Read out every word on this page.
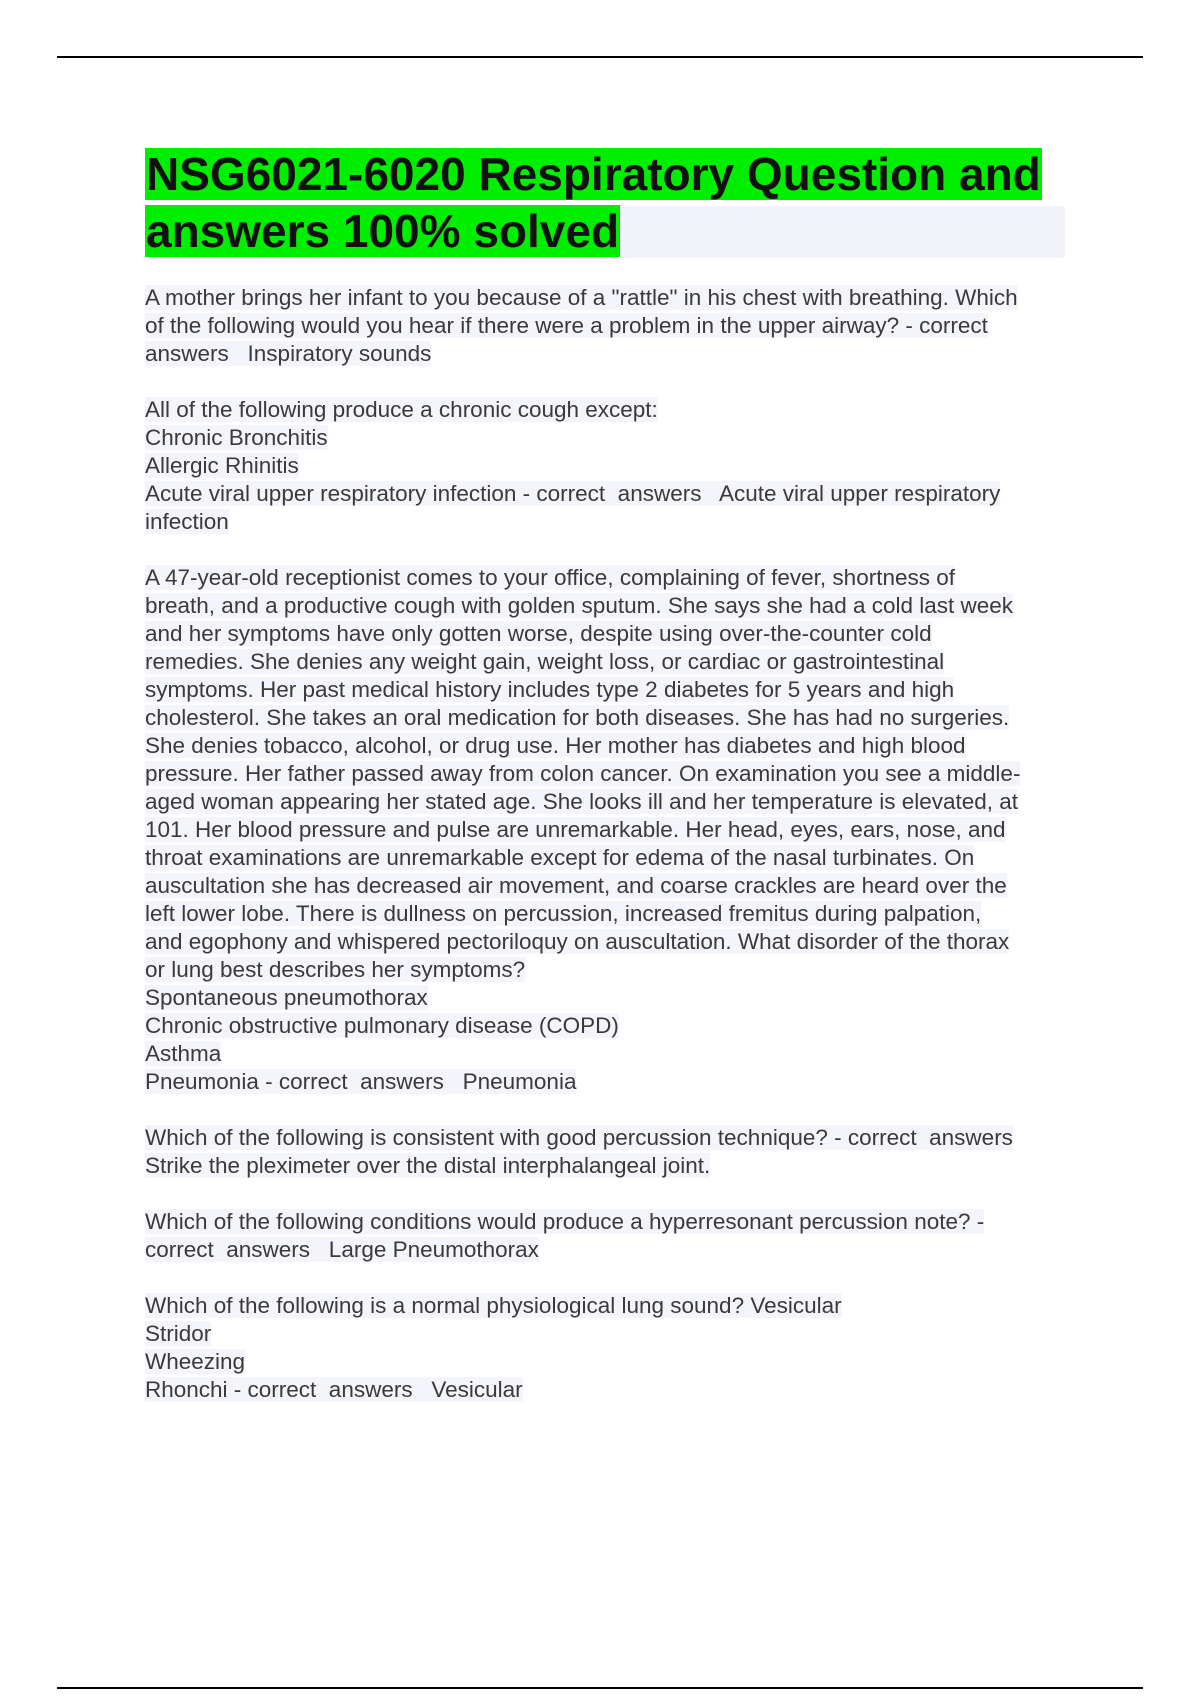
NSG6021-6020 Respiratory Question and
answers 100% solved
A mother brings her infant to you because of a "rattle" in his chest with breathing. Which
of the following would you hear if there were a problem in the upper airway? - correct
answers   Inspiratory sounds
All of the following produce a chronic cough except:
Chronic Bronchitis
Allergic Rhinitis
Acute viral upper respiratory infection - correct  answers   Acute viral upper respiratory
infection
A 47-year-old receptionist comes to your office, complaining of fever, shortness of
breath, and a productive cough with golden sputum. She says she had a cold last week
and her symptoms have only gotten worse, despite using over-the-counter cold
remedies. She denies any weight gain, weight loss, or cardiac or gastrointestinal
symptoms. Her past medical history includes type 2 diabetes for 5 years and high
cholesterol. She takes an oral medication for both diseases. She has had no surgeries.
She denies tobacco, alcohol, or drug use. Her mother has diabetes and high blood
pressure. Her father passed away from colon cancer. On examination you see a middle-
aged woman appearing her stated age. She looks ill and her temperature is elevated, at
101. Her blood pressure and pulse are unremarkable. Her head, eyes, ears, nose, and
throat examinations are unremarkable except for edema of the nasal turbinates. On
auscultation she has decreased air movement, and coarse crackles are heard over the
left lower lobe. There is dullness on percussion, increased fremitus during palpation,
and egophony and whispered pectoriloquy on auscultation. What disorder of the thorax
or lung best describes her symptoms?
Spontaneous pneumothorax
Chronic obstructive pulmonary disease (COPD)
Asthma
Pneumonia - correct  answers   Pneumonia
Which of the following is consistent with good percussion technique? - correct  answers
Strike the pleximeter over the distal interphalangeal joint.
Which of the following conditions would produce a hyperresonant percussion note? -
correct  answers   Large Pneumothorax
Which of the following is a normal physiological lung sound? Vesicular
Stridor
Wheezing
Rhonchi - correct  answers   Vesicular
